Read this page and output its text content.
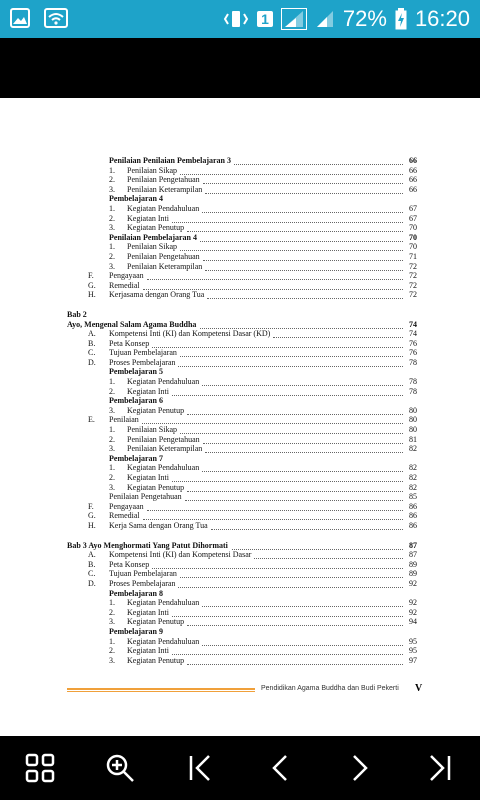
1	72% 16:20
Penilaian Penilaian Pembelajaran 3	66
1.	Penilaian Sikap	66
2.	Penilaian Pengetahuan	66
3.	Penilaian Keterampilan	66
Pembelajaran 4
1.	Kegiatan Pendahuluan	67
2.	Kegiatan Inti	67
3.	Kegiatan Penutup	70
Penilaian Pembelajaran 4	70
1.	Penilaian Sikap	70
2.	Penilaian Pengetahuan	71
3.	Penilaian Keterampilan	72
F.	Pengayaan	72
G.	Remedial	72
H.	Kerjasama dengan Orang Tua	72
Bab 2
Ayo, Mengenal Salam Agama Buddha	74
A.	Kompetensi Inti (KI) dan Kompetensi Dasar (KD)	74
B.	Peta Konsep	76
C.	Tujuan Pembelajaran	76
D.	Proses Pembelajaran	78
Pembelajaran 5
1.	Kegiatan Pendahuluan	78
2.	Kegiatan Inti	78
Pembelajaran 6
3.	Kegiatan Penutup	80
E.	Penilaian	80
1.	Penilaian Sikap	80
2.	Penilaian Pengetahuan	81
3.	Penilaian Keterampilan	82
Pembelajaran 7
1.	Kegiatan Pendahuluan	82
2.	Kegiatan Inti	82
3.	Kegiatan Penutup	82
Penilaian Pengetahuan	85
F.	Pengayaan	86
G.	Remedial	86
H.	Kerja Sama dengan Orang Tua	86
Bab 3 Ayo Menghormati Yang Patut Dihormati	87
A.	Kompetensi Inti (KI) dan Kompetensi Dasar	87
B.	Peta Konsep	89
C.	Tujuan Pembelajaran	89
D.	Proses Pembelajaran	92
Pembelajaran 8
1.	Kegiatan Pendahuluan	92
2.	Kegiatan Inti	92
3.	Kegiatan Penutup	94
Pembelajaran 9
1.	Kegiatan Pendahuluan	95
2.	Kegiatan Inti	95
3.	Kegiatan Penutup	97
Pendidikan Agama Buddha dan Budi Pekerti V
